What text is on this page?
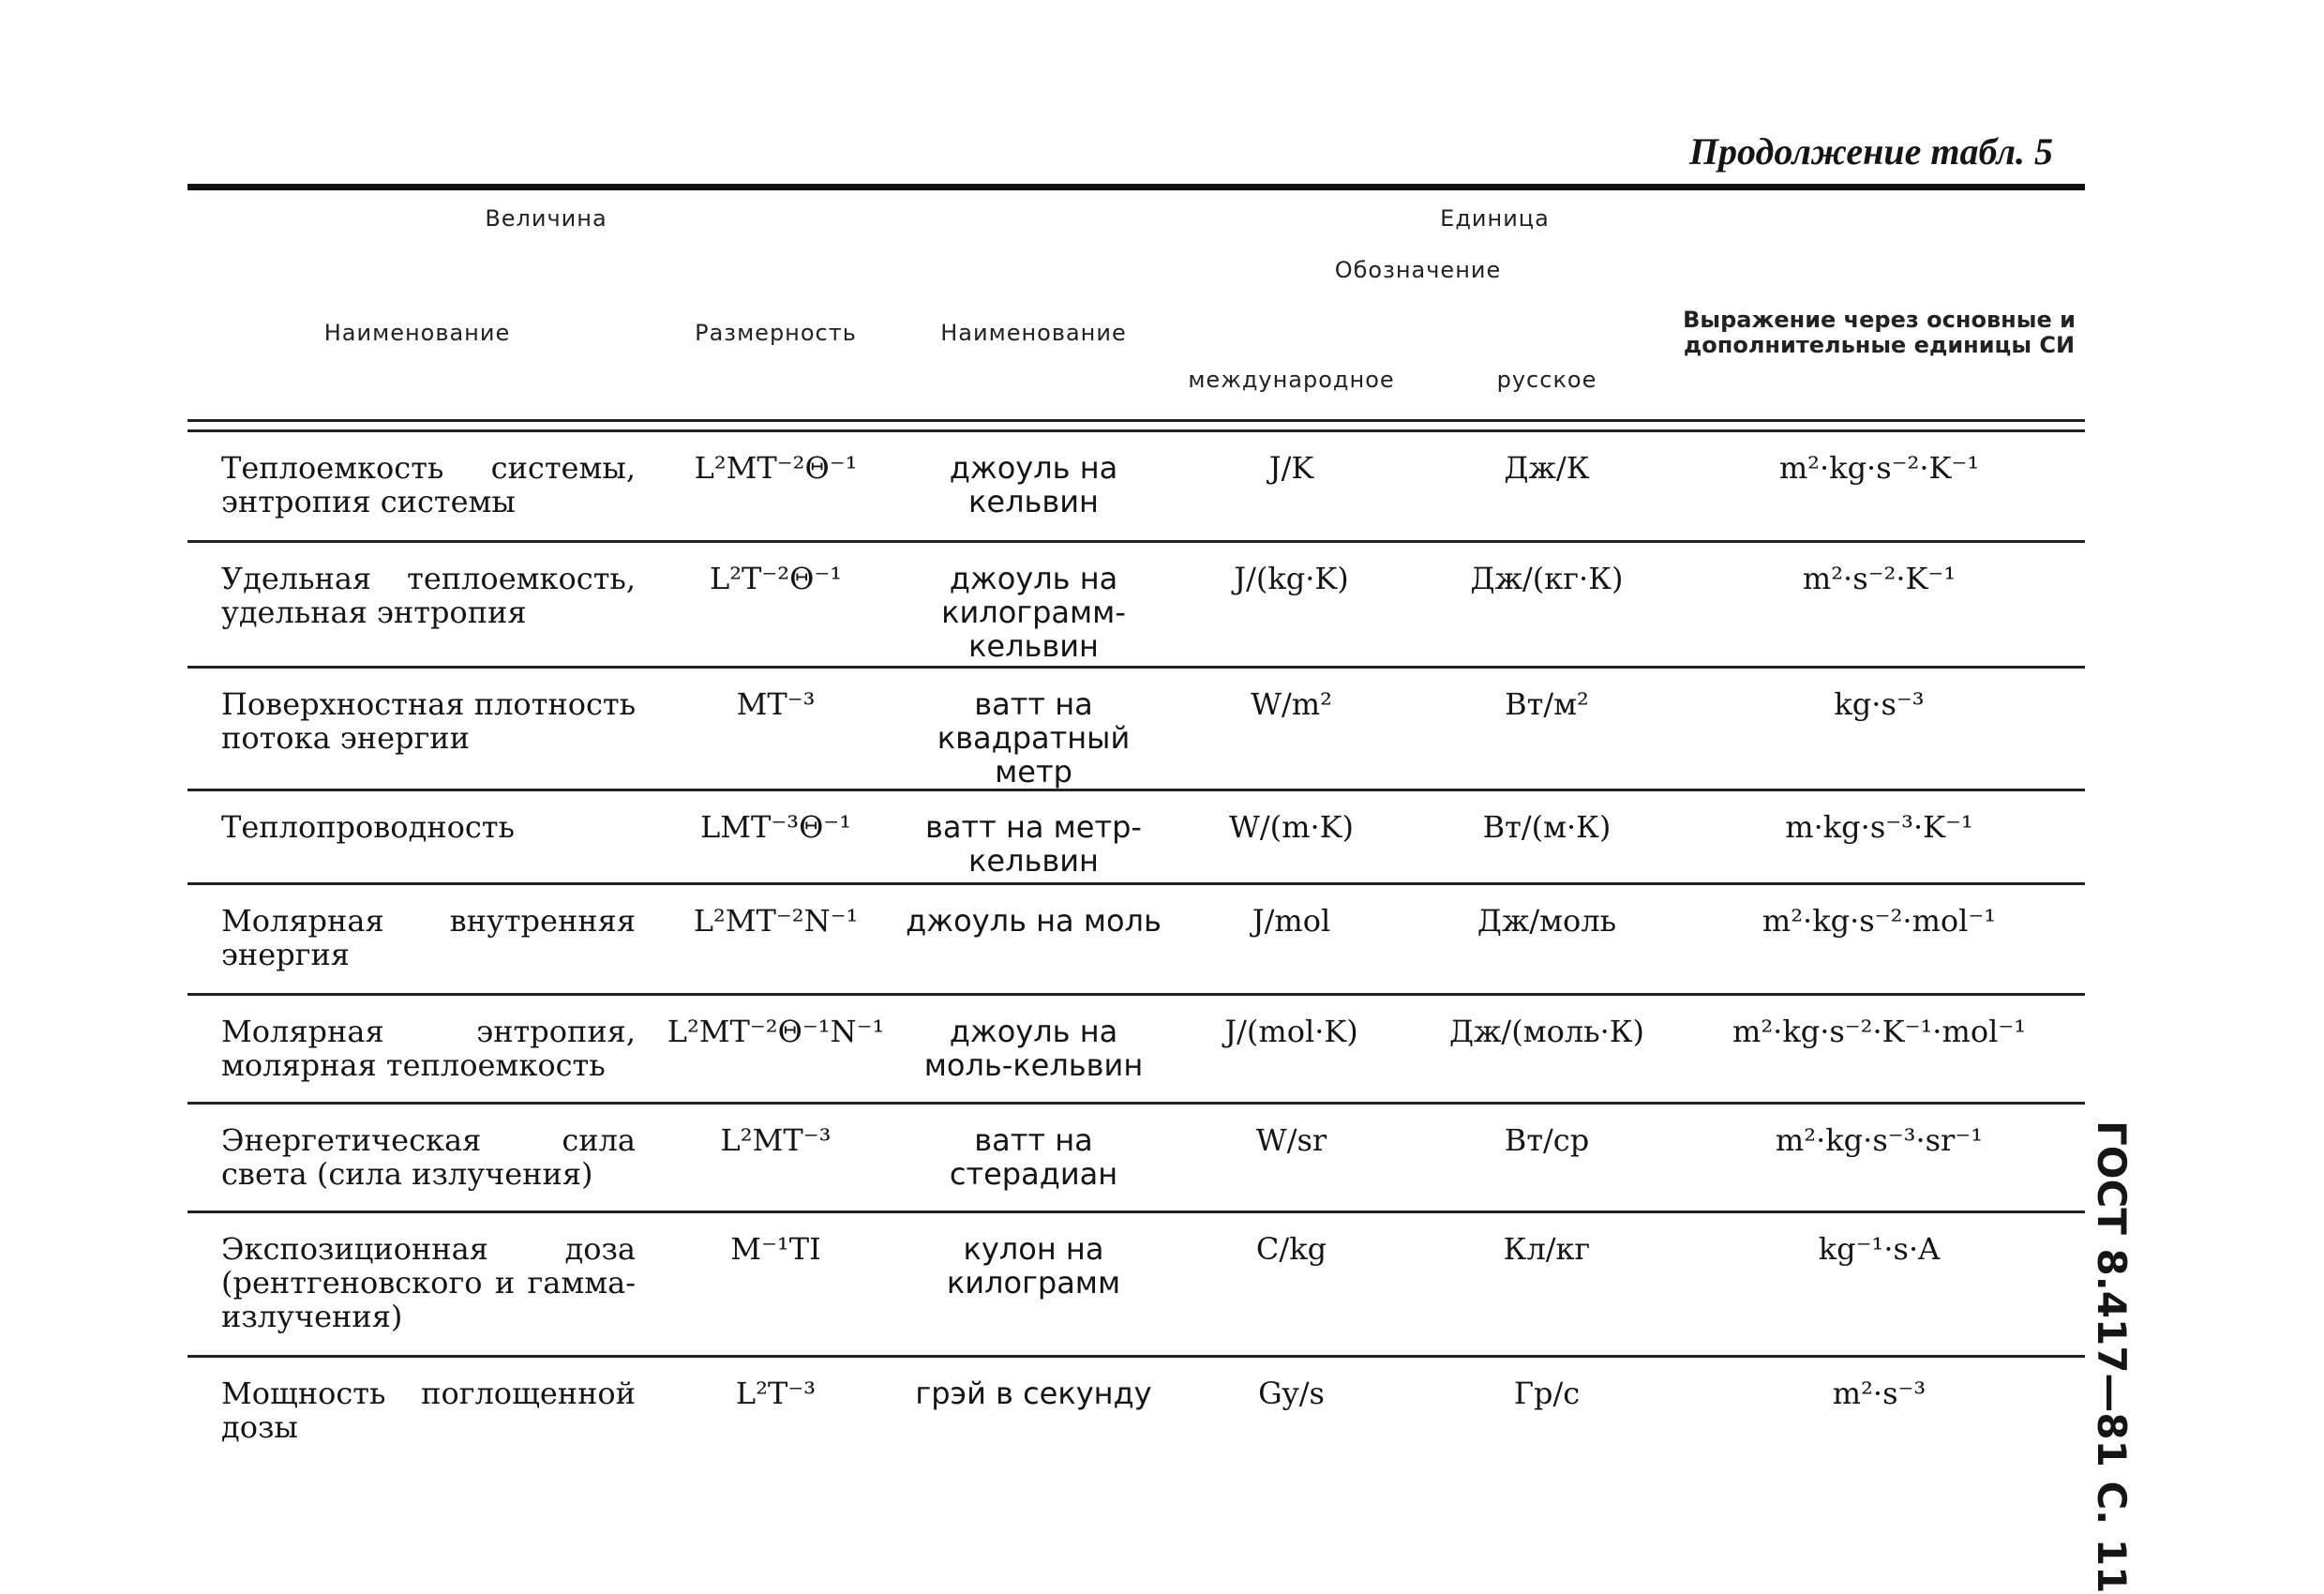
Продолжение табл. 5
ГОСТ 8.417—81 С. 11
Величина		Единица			
Наименование	Размерность	Наименование	Обозначение		Выражение через основные и дополнительные единицы СИ
			международное	русское	

Теплоемкость системы, энтропия системы	L²MT⁻²Θ⁻¹	джоуль на кельвин	J/K	Дж/К	m²·kg·s⁻²·K⁻¹

Удельная теплоемкость, удельная энтропия	L²T⁻²Θ⁻¹	джоуль на килограмм-кельвин	J/(kg·K)	Дж/(кг·К)	m²·s⁻²·K⁻¹

Поверхностная плотность потока энергии	MT⁻³	ватт на квадратный метр	W/m²	Вт/м²	kg·s⁻³

Теплопроводность	LMT⁻³Θ⁻¹	ватт на метр-кельвин	W/(m·K)	Вт/(м·К)	m·kg·s⁻³·K⁻¹

Молярная внутренняя энергия	L²MT⁻²N⁻¹	джоуль на моль	J/mol	Дж/моль	m²·kg·s⁻²·mol⁻¹

Молярная энтропия, молярная теплоемкость	L²MT⁻²Θ⁻¹N⁻¹	джоуль на моль-кельвин	J/(mol·K)	Дж/(моль·К)	m²·kg·s⁻²·K⁻¹·mol⁻¹

Энергетическая сила света (сила излучения)	L²MT⁻³	ватт на стерадиан	W/sr	Вт/ср	m²·kg·s⁻³·sr⁻¹

Экспозиционная доза (рентгеновского и гамма-излучения)	M⁻¹TI	кулон на килограмм	C/kg	Кл/кг	kg⁻¹·s·A

Мощность поглощенной дозы	L²T⁻³	грэй в секунду	Gy/s	Гр/с	m²·s⁻³
